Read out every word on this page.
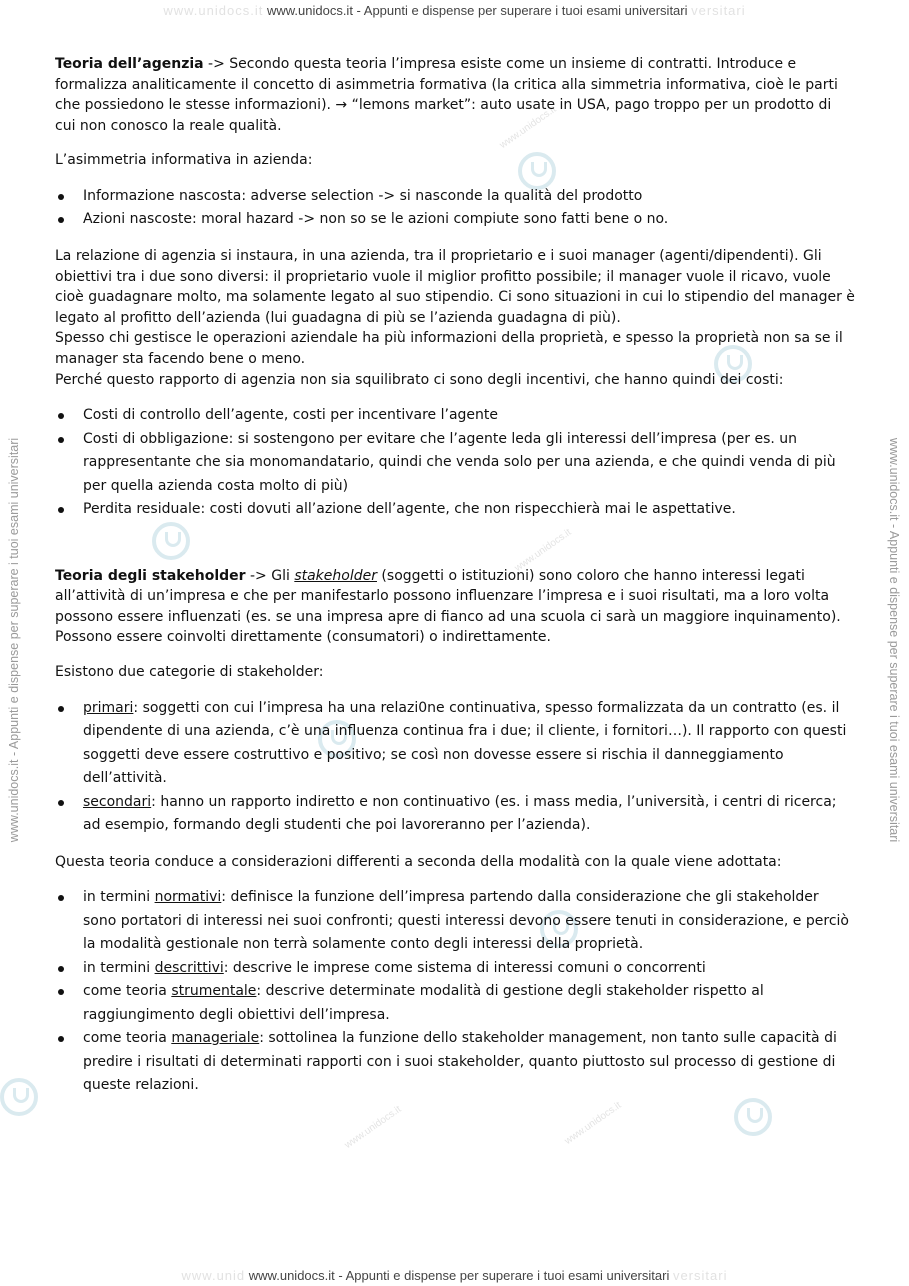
www.unidocs.it www.unidocs.it - Appunti e dispense per superare i tuoi esami universitari versitari
www.unid www.unidocs.it - Appunti e dispense per superare i tuoi esami universitari versitari
www.unidocs.it - Appunti e dispense per superare i tuoi esami universitari	www.unidocs.it - Appunti e dispense per superare i tuoi esami universitari
www.unidocs.it
www.unidocs.it
www.unidocs.it	www.unidocs.it

Teoria dell’agenzia -> Secondo questa teoria l’impresa esiste come un insieme di contratti. Introduce e formalizza analiticamente il concetto di asimmetria formativa (la critica alla simmetria informativa, cioè le parti che possiedono le stesse informazioni). → “lemons market”: auto usate in USA, pago troppo per un prodotto di cui non conosco la reale qualità.

L’asimmetria informativa in azienda:

Informazione nascosta: adverse selection -> si nasconde la qualità del prodotto
Azioni nascoste: moral hazard -> non so se le azioni compiute sono fatti bene o no.

La relazione di agenzia si instaura, in una azienda, tra il proprietario e i suoi manager (agenti/dipendenti). Gli obiettivi tra i due sono diversi: il proprietario vuole il miglior profitto possibile; il manager vuole il ricavo, vuole cioè guadagnare molto, ma solamente legato al suo stipendio. Ci sono situazioni in cui lo stipendio del manager è legato al profitto dell’azienda (lui guadagna di più se l’azienda guadagna di più).
Spesso chi gestisce le operazioni aziendale ha più informazioni della proprietà, e spesso la proprietà non sa se il manager sta facendo bene o meno.
Perché questo rapporto di agenzia non sia squilibrato ci sono degli incentivi, che hanno quindi dei costi:

Costi di controllo dell’agente, costi per incentivare l’agente
Costi di obbligazione: si sostengono per evitare che l’agente leda gli interessi dell’impresa (per es. un rappresentante che sia monomandatario, quindi che venda solo per una azienda, e che quindi venda di più per quella azienda costa molto di più)
Perdita residuale: costi dovuti all’azione dell’agente, che non rispecchierà mai le aspettative.

Teoria degli stakeholder -> Gli stakeholder (soggetti o istituzioni) sono coloro che hanno interessi legati all’attività di un’impresa e che per manifestarlo possono influenzare l’impresa e i suoi risultati, ma a loro volta possono essere influenzati (es. se una impresa apre di fianco ad una scuola ci sarà un maggiore inquinamento). Possono essere coinvolti direttamente (consumatori) o indirettamente.

Esistono due categorie di stakeholder:

primari: soggetti con cui l’impresa ha una relazi0ne continuativa, spesso formalizzata da un contratto (es. il dipendente di una azienda, c’è una influenza continua fra i due; il cliente, i fornitori…). Il rapporto con questi soggetti deve essere costruttivo e positivo; se così non dovesse essere si rischia il danneggiamento dell’attività.
secondari: hanno un rapporto indiretto e non continuativo (es. i mass media, l’università, i centri di ricerca; ad esempio, formando degli studenti che poi lavoreranno per l’azienda).

Questa teoria conduce a considerazioni differenti a seconda della modalità con la quale viene adottata:

in termini normativi: definisce la funzione dell’impresa partendo dalla considerazione che gli stakeholder sono portatori di interessi nei suoi confronti; questi interessi devono essere tenuti in considerazione, e perciò la modalità gestionale non terrà solamente conto degli interessi della proprietà.
in termini descrittivi: descrive le imprese come sistema di interessi comuni o concorrenti
come teoria strumentale: descrive determinate modalità di gestione degli stakeholder rispetto al raggiungimento degli obiettivi dell’impresa.
come teoria manageriale: sottolinea la funzione dello stakeholder management, non tanto sulle capacità di predire i risultati di determinati rapporti con i suoi stakeholder, quanto piuttosto sul processo di gestione di queste relazioni.
